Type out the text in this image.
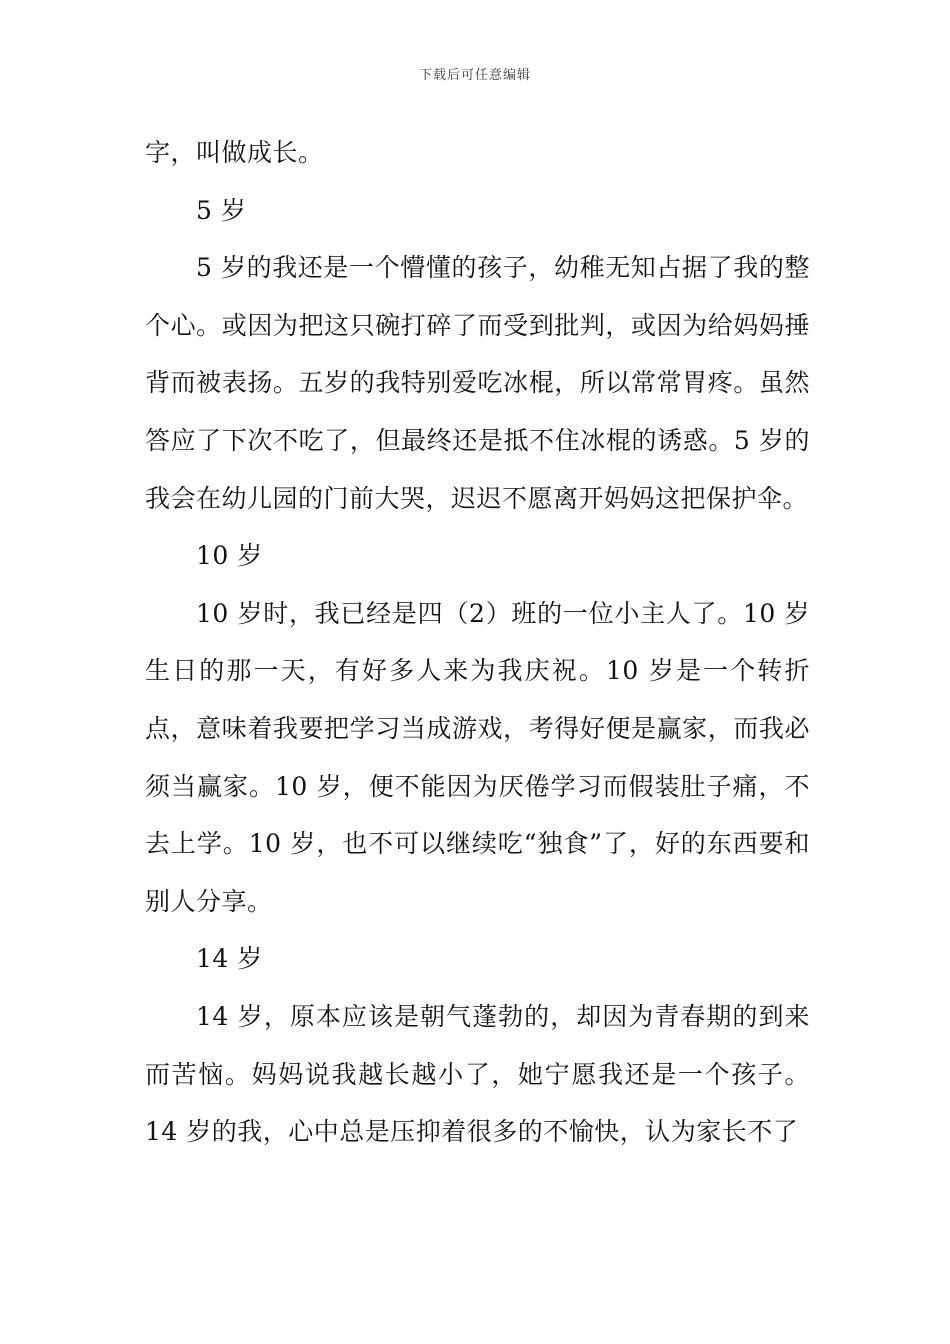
下载后可任意编辑

字，叫做成长。

5 岁

5 岁的我还是一个懵懂的孩子，幼稚无知占据了我的整个心。或因为把这只碗打碎了而受到批判，或因为给妈妈捶背而被表扬。五岁的我特别爱吃冰棍，所以常常胃疼。虽然答应了下次不吃了，但最终还是抵不住冰棍的诱惑。5 岁的我会在幼儿园的门前大哭，迟迟不愿离开妈妈这把保护伞。

10 岁

10 岁时，我已经是四（2）班的一位小主人了。10 岁生日的那一天，有好多人来为我庆祝。10 岁是一个转折点，意味着我要把学习当成游戏，考得好便是赢家，而我必须当赢家。10 岁，便不能因为厌倦学习而假装肚子痛，不去上学。10 岁，也不可以继续吃“独食”了，好的东西要和别人分享。

14 岁

14 岁，原本应该是朝气蓬勃的，却因为青春期的到来而苦恼。妈妈说我越长越小了，她宁愿我还是一个孩子。14 岁的我，心中总是压抑着很多的不愉快，认为家长不了
